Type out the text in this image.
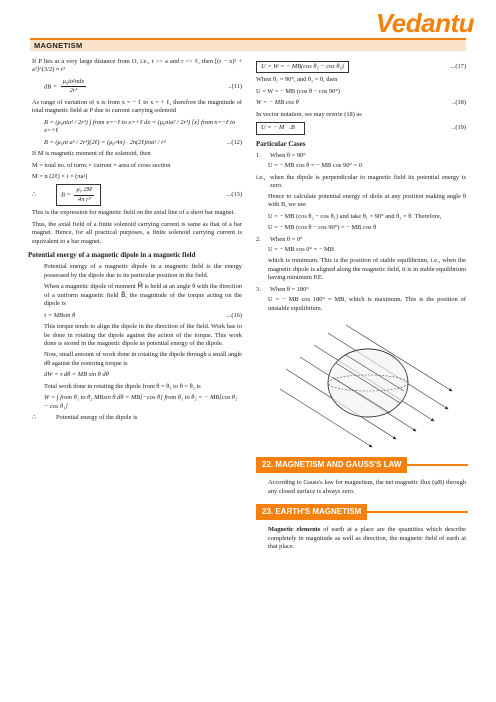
Vedantu
MAGNETISM

If P lies at a very large distance from O, i.e., r >> a and r >> ℓ, then [(r − x)² + a²]^(3/2) ≈ r³

dB = $\frac{\text{μ₀ia²ndx}}{\text{2r³}}$	..(11)

As range of variation of x is from x = − ℓ to x = + ℓ, therefore the magnitude of total magnetic field at P due to current carrying solenoid

B = (μ₀nia² / 2r³) ∫ from x=−ℓ to x=+ℓ dx = (μ₀nia² / 2r³) [x] from x=−ℓ to x=+ℓ
B = (μ₀ni a² / 2r³)(2ℓ) = (μ₀/4π) · 2n(2ℓ)iπa² / r³	...(12)

If M is magnetic moment of the solenoid, then

M = total no. of turns × current × area of cross section

M = n (2ℓ) × i × (πa²)

∴	$B = \frac{\text{μ₀ 2M}}{\text{4π r³}}$	...(13)

This is the expression for magnetic field on the axial line of a short bar magnet.

Thus, the axial field of a finite solenoid carrying current is same as that of a bar magnet. Hence, for all practical purposes, a finite solenoid carrying current is equivalent to a bar magnet.

Potential energy of a magnetic dipole in a magnetic field

Potential energy of a magnetic dipole in a magnetic field is the energy possessed by the dipole due to its particular position in the field.

When a magnetic dipole of moment M⃗ is held at an angle θ with the direction of a uniform magnetic field B⃗, the magnitude of the torque acting on the dipole is

τ = MBsin θ	...(16)

This torque tends to align the dipole in the direction of the field. Work has to be done in rotating the dipole against the action of the torque. This work done is stored in the magnetic dipole as potential energy of the dipole.

Now, small amount of work done in rotating the dipole through a small angle dθ against the restoring torque is

dW = τ dθ = MB sin θ dθ

Total work done in rotating the dipole from θ = θ₁ to θ = θ₂ is

W = ∫ from θ₁ to θ₂ MBsin θ dθ = MB[−cos θ] from θ₁ to θ₂ = − MB[cos θ₂ − cos θ₁]
∴	Potential energy of the dipole is
U = W = − MB(cos θ₂ − cos θ₁)	...(17)

When θ₁ = 90°, and θ₂ = θ, then

U = W = − MB (cos θ − cos 90°)

W = − MB cos θ	..(18)

In vector notation, we may rewrie (18) as

U = − M⃗.B⃗	..(19)
Particular Cases
1.	When θ = 90°

U = − MB cos θ = − MB cos 90° = 0

i.e., when the dipole is perpendicular to magnetic field its potential energy is zero.

Hence to calculate potential energy of diole at any position making angle θ with B, we use

U = − MB (cos θ₂ − cos θ₁) and take θ₁ = 90° and θ₂ = θ. Therefore,

U = − MB (cos θ − cos 90°) = − MB cos θ

2.	When θ = 0°

U = − MB cos 0° = − MB

which is minimum. This is the position of stable equilibrium, i.e., when the magnetic dipole is aligned along the magnetic field, it is in stable equilibrium having minimum P.E.

3.	When θ = 180°

U = − MB cos 180° = MB, which is maximum. This is the position of unstable equilibrium.

22. MAGNETISM AND GAUSS'S LAW

According to Gauss's law for magnetism, the net magnetic flux (φB) through any closed surface is always zero.

23. EARTH'S MAGNETISM

Magnetic elements of earth at a place are the quantities which describe completely in magnitude as well as direction, the magnetic field of earth at that place.
